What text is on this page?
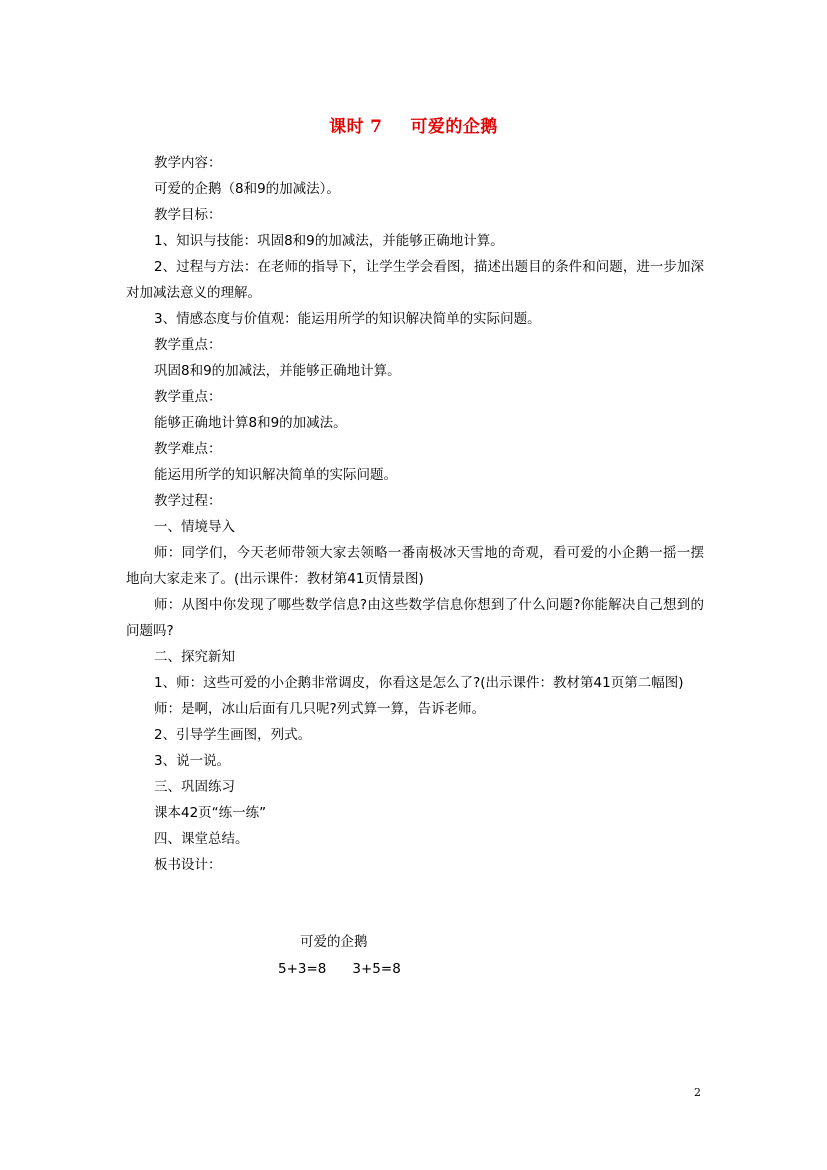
课时 7 可爱的企鹅

教学内容：

可爱的企鹅（8和9的加减法）。

教学目标：

1、知识与技能：巩固8和9的加减法，并能够正确地计算。

2、过程与方法：在老师的指导下，让学生学会看图，描述出题目的条件和问题，进一步加深对加减法意义的理解。

3、情感态度与价值观：能运用所学的知识解决简单的实际问题。

教学重点：

巩固8和9的加减法，并能够正确地计算。

教学重点：

能够正确地计算8和9的加减法。

教学难点：

能运用所学的知识解决简单的实际问题。

教学过程：

一、情境导入

师：同学们，今天老师带领大家去领略一番南极冰天雪地的奇观，看可爱的小企鹅一摇一摆地向大家走来了。(出示课件：教材第41页情景图)

师：从图中你发现了哪些数学信息?由这些数学信息你想到了什么问题?你能解决自己想到的问题吗?

二、探究新知

1、师：这些可爱的小企鹅非常调皮，你看这是怎么了?(出示课件：教材第41页第二幅图)

师：是啊，冰山后面有几只呢?列式算一算，告诉老师。

2、引导学生画图，列式。

3、说一说。

三、巩固练习

课本42页“练一练”

四、课堂总结。

板书设计：

可爱的企鹅
5+3=8 3+5=8
2
